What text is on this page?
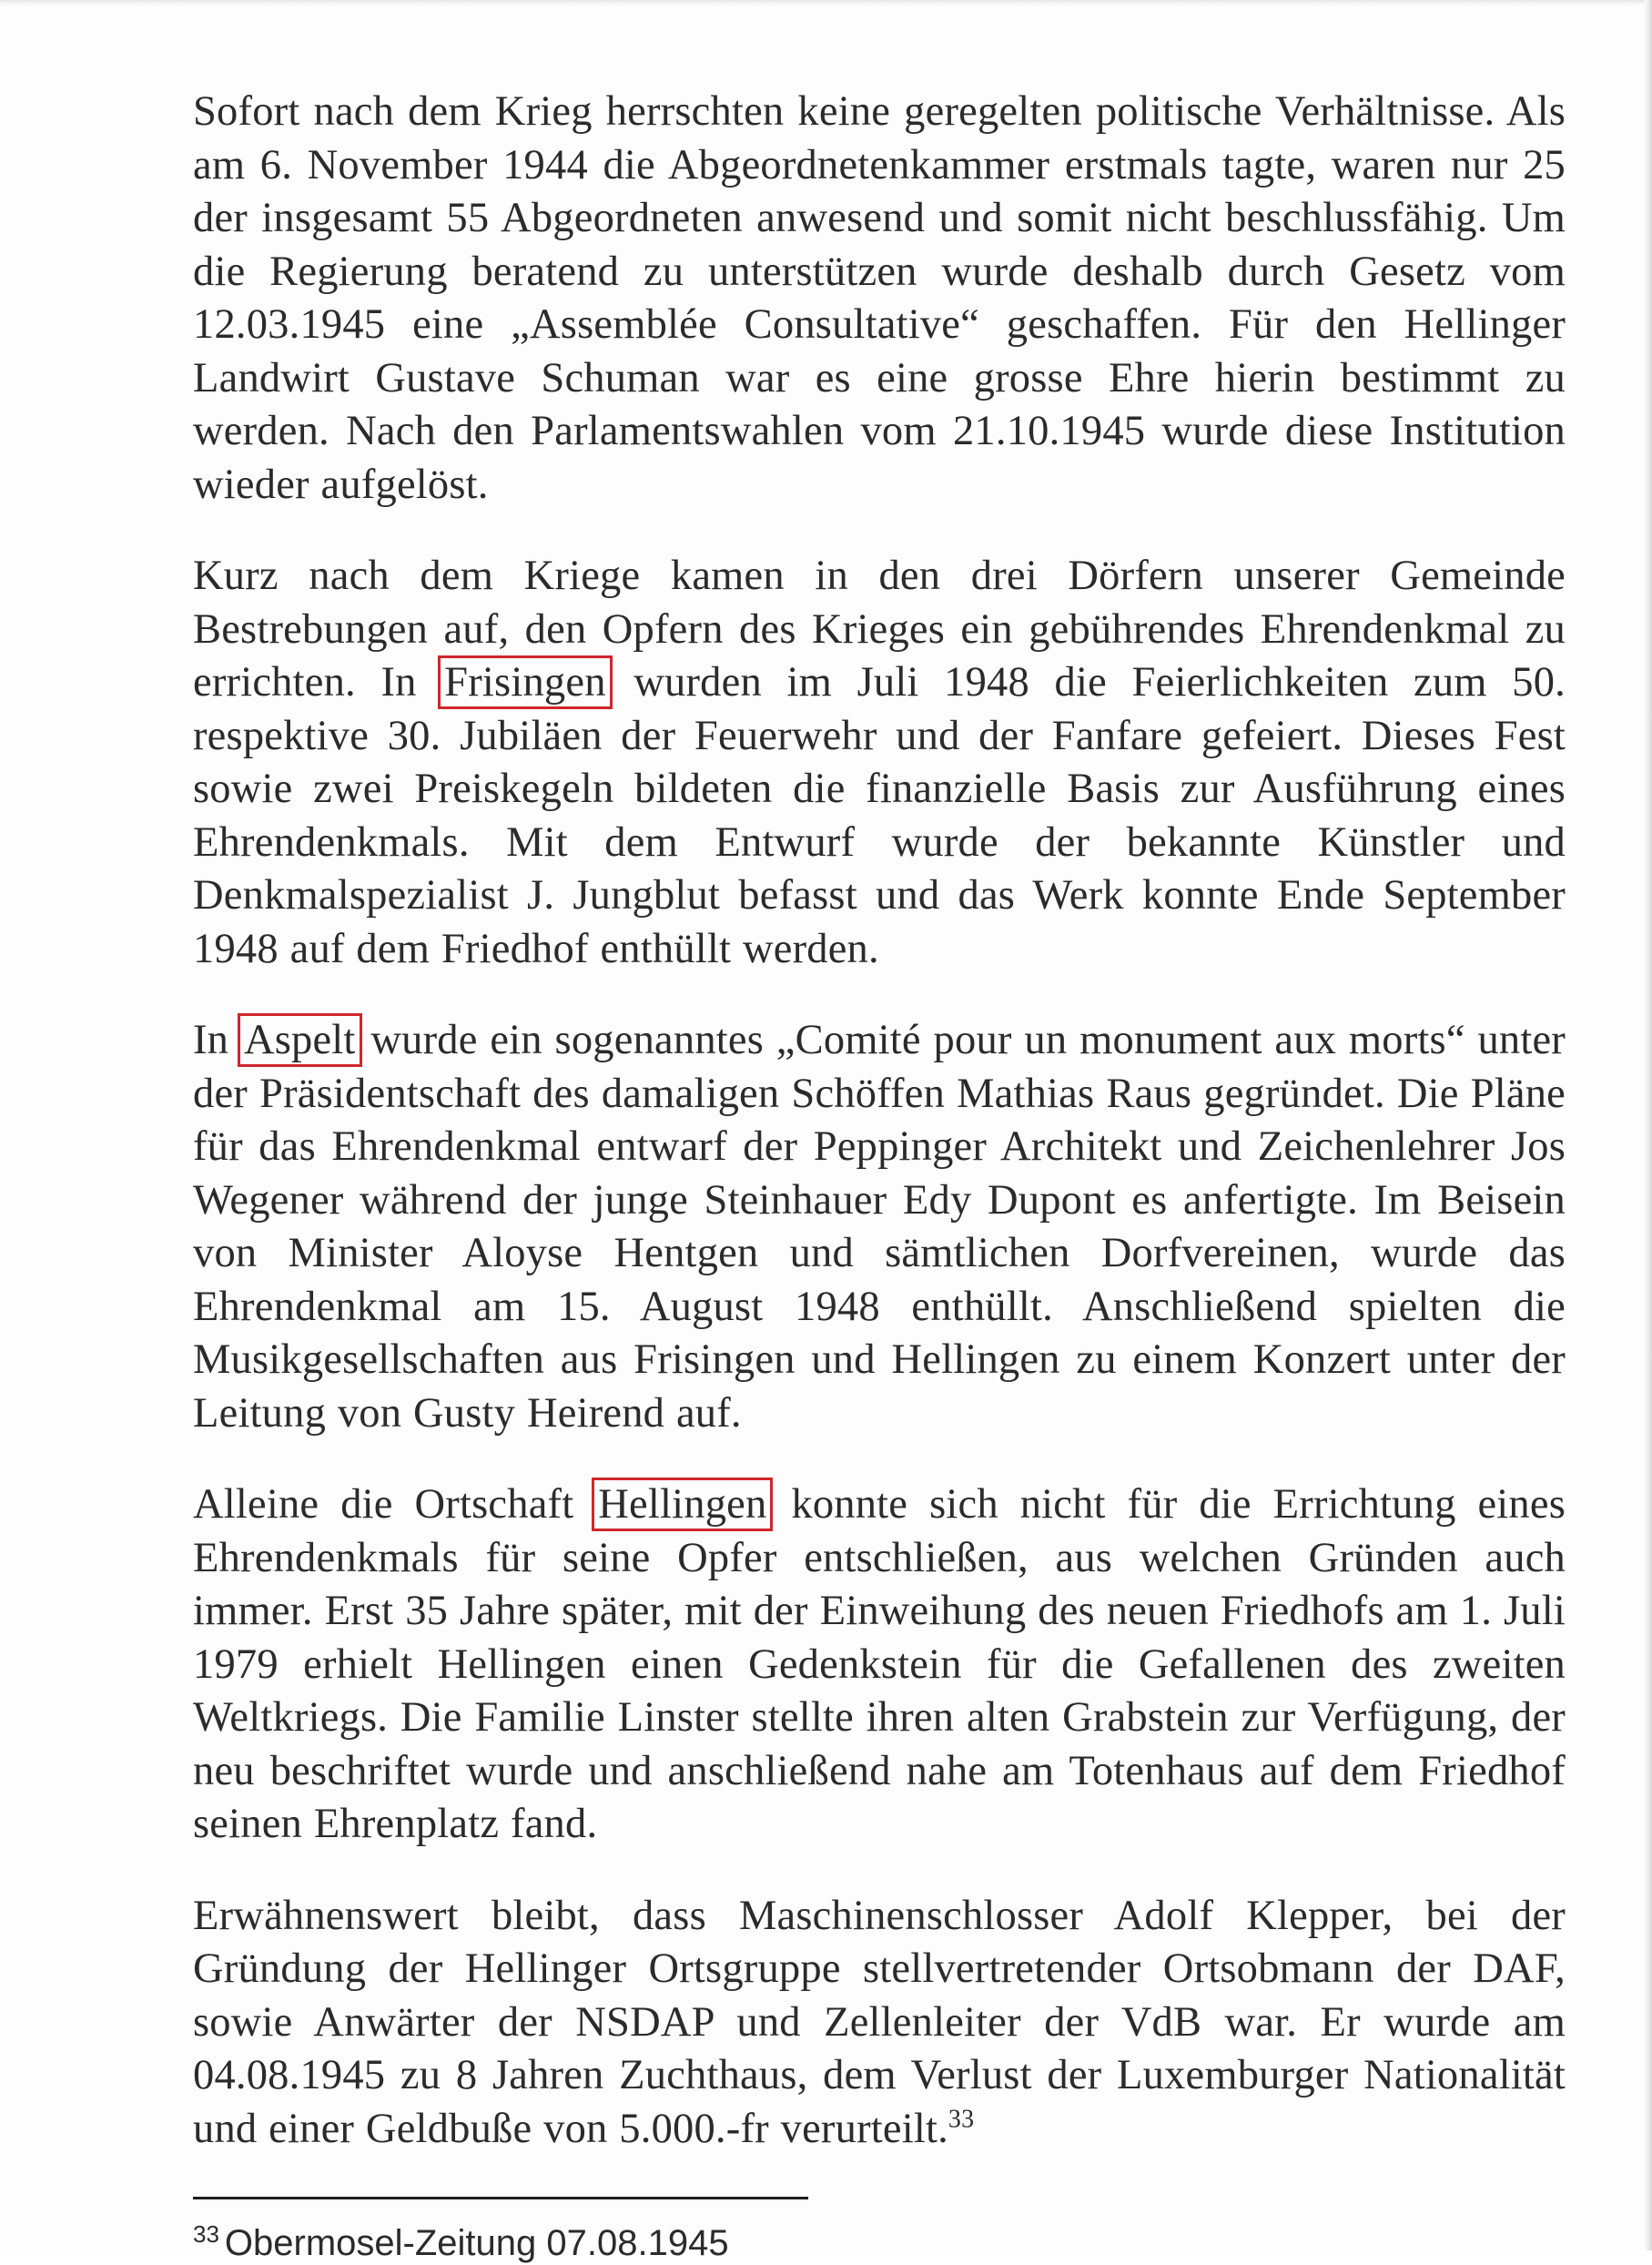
Sofort nach dem Krieg herrschten keine geregelten politische Verhältnisse. Als am 6. November 1944 die Abgeordnetenkammer erstmals tagte, waren nur 25 der insgesamt 55 Abgeordneten anwesend und somit nicht beschlussfähig. Um die Regierung beratend zu unterstützen wurde deshalb durch Gesetz vom 12.03.1945 eine „Assemblée Consultative“ geschaffen. Für den Hellinger Landwirt Gustave Schuman war es eine grosse Ehre hierin bestimmt zu werden. Nach den Parlamentswahlen vom 21.10.1945 wurde diese Institution wieder aufgelöst.

Kurz nach dem Kriege kamen in den drei Dörfern unserer Gemeinde Bestrebungen auf, den Opfern des Krieges ein gebührendes Ehrendenkmal zu errichten. In Frisingen wurden im Juli 1948 die Feierlichkeiten zum 50. respektive 30. Jubiläen der Feuerwehr und der Fanfare gefeiert. Dieses Fest sowie zwei Preiskegeln bildeten die finanzielle Basis zur Ausführung eines Ehrendenkmals. Mit dem Entwurf wurde der bekannte Künstler und Denkmalspezialist J. Jungblut befasst und das Werk konnte Ende September 1948 auf dem Friedhof enthüllt werden.

In Aspelt wurde ein sogenanntes „Comité pour un monument aux morts“ unter der Präsidentschaft des damaligen Schöffen Mathias Raus gegründet. Die Pläne für das Ehrendenkmal entwarf der Peppinger Architekt und Zeichenlehrer Jos Wegener während der junge Steinhauer Edy Dupont es anfertigte. Im Beisein von Minister Aloyse Hentgen und sämtlichen Dorfvereinen, wurde das Ehrendenkmal am 15. August 1948 enthüllt. Anschließend spielten die Musikgesellschaften aus Frisingen und Hellingen zu einem Konzert unter der Leitung von Gusty Heirend auf.

Alleine die Ortschaft Hellingen konnte sich nicht für die Errichtung eines Ehrendenkmals für seine Opfer entschließen, aus welchen Gründen auch immer. Erst 35 Jahre später, mit der Einweihung des neuen Friedhofs am 1. Juli 1979 erhielt Hellingen einen Gedenkstein für die Gefallenen des zweiten Weltkriegs. Die Familie Linster stellte ihren alten Grabstein zur Verfügung, der neu beschriftet wurde und anschließend nahe am Totenhaus auf dem Friedhof seinen Ehrenplatz fand.

Erwähnenswert bleibt, dass Maschinenschlosser Adolf Klepper, bei der Gründung der Hellinger Ortsgruppe stellvertretender Ortsobmann der DAF, sowie Anwärter der NSDAP und Zellenleiter der VdB war. Er wurde am 04.08.1945 zu 8 Jahren Zuchthaus, dem Verlust der Luxemburger Nationalität und einer Geldbuße von 5.000.-fr verurteilt.$^{33}$

$^{33}$ Obermosel-Zeitung 07.08.1945
